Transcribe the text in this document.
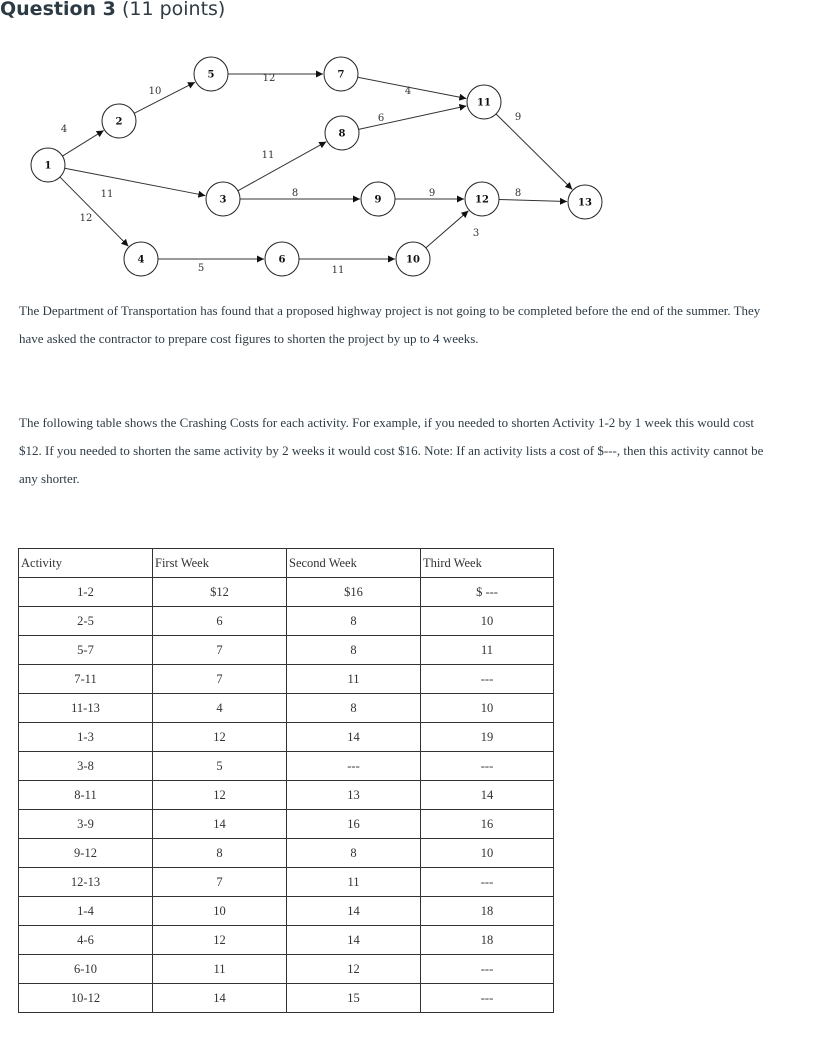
Question 3 (11 points)
4
10
12
4
6	9
11
11	8	9	8
12
5	11
3
1
2
3
4
5
6
7
8
9
10
11
12	13
The Department of Transportation has found that a proposed highway project is not going to be completed before the end of the summer. They have asked the contractor to prepare cost figures to shorten the project by up to 4 weeks.
The following table shows the Crashing Costs for each activity. For example, if you needed to shorten Activity 1-2 by 1 week this would cost $12. If you needed to shorten the same activity by 2 weeks it would cost $16. Note: If an activity lists a cost of $---, then this activity cannot be any shorter.
Activity	First Week	Second Week	Third Week
1-2	$12	$16	$ ---
2-5	6	8	10
5-7	7	8	11
7-11	7	11	---
11-13	4	8	10
1-3	12	14	19
3-8	5	---	---
8-11	12	13	14
3-9	14	16	16
9-12	8	8	10
12-13	7	11	---
1-4	10	14	18
4-6	12	14	18
6-10	11	12	---
10-12	14	15	---
